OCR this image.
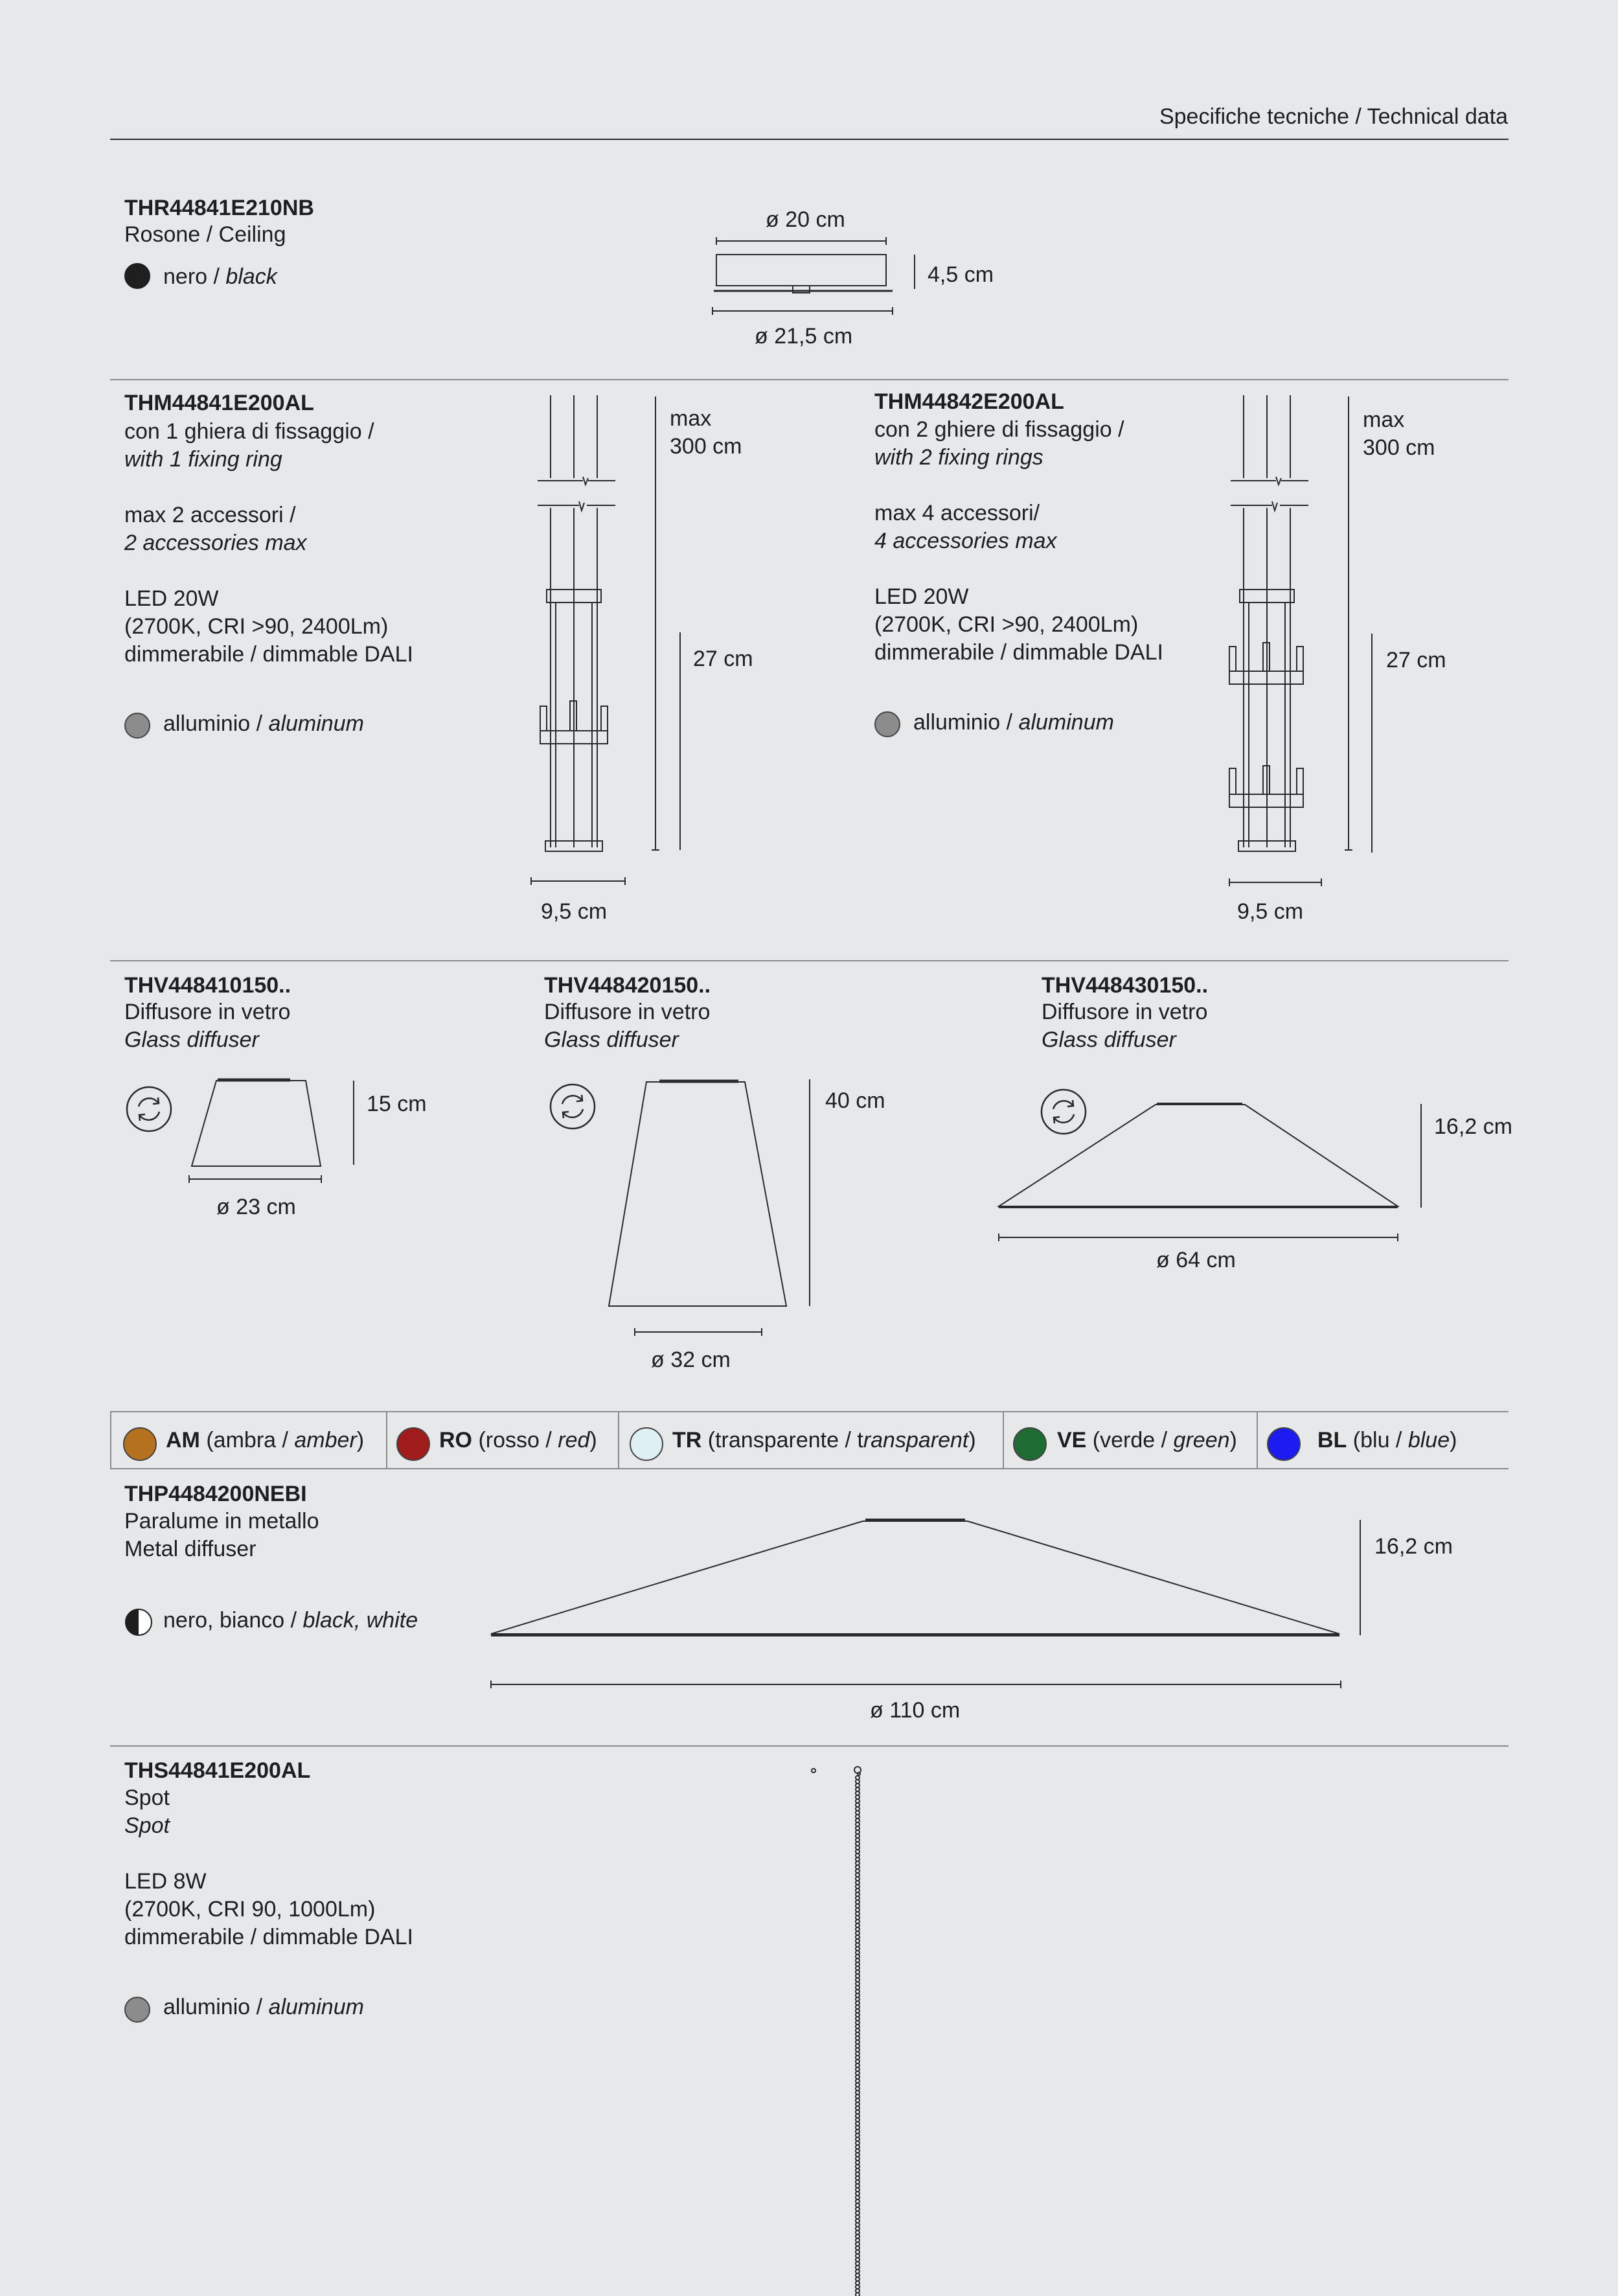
Specifiche tecniche / Technical data
THR44841E210NB
Rosone / Ceiling
nero / black
ø 20 cm
4,5 cm
ø 21,5 cm
THM44841E200AL
con 1 ghiera di fissaggio /
with 1 fixing ring
max 2 accessori /
2 accessories max
LED 20W
(2700K, CRI >90, 2400Lm)
dimmerabile / dimmable DALI
alluminio / aluminum
max
300 cm
27 cm
9,5 cm
THM44842E200AL
con 2 ghiere di fissaggio /
with 2 fixing rings
max 4 accessori/
4 accessories max
LED 20W
(2700K, CRI >90, 2400Lm)
dimmerabile / dimmable DALI
alluminio / aluminum
max
300 cm
27 cm
9,5 cm
THV448410150..
Diffusore in vetro
Glass diffuser
15 cm
ø 23 cm
THV448420150..
Diffusore in vetro
Glass diffuser
40 cm
ø 32 cm
THV448430150..
Diffusore in vetro
Glass diffuser
16,2 cm
ø 64 cm
AM (ambra / amber)	RO (rosso / red)	TR (transparente / transparent)	VE (verde / green)	BL (blu / blue)
THP4484200NEBI
Paralume in metallo
Metal diffuser
nero, bianco / black, white
16,2 cm
ø 110 cm
THS44841E200AL
Spot
Spot
LED 8W
(2700K, CRI 90, 1000Lm)
dimmerabile / dimmable DALI
alluminio / aluminum
